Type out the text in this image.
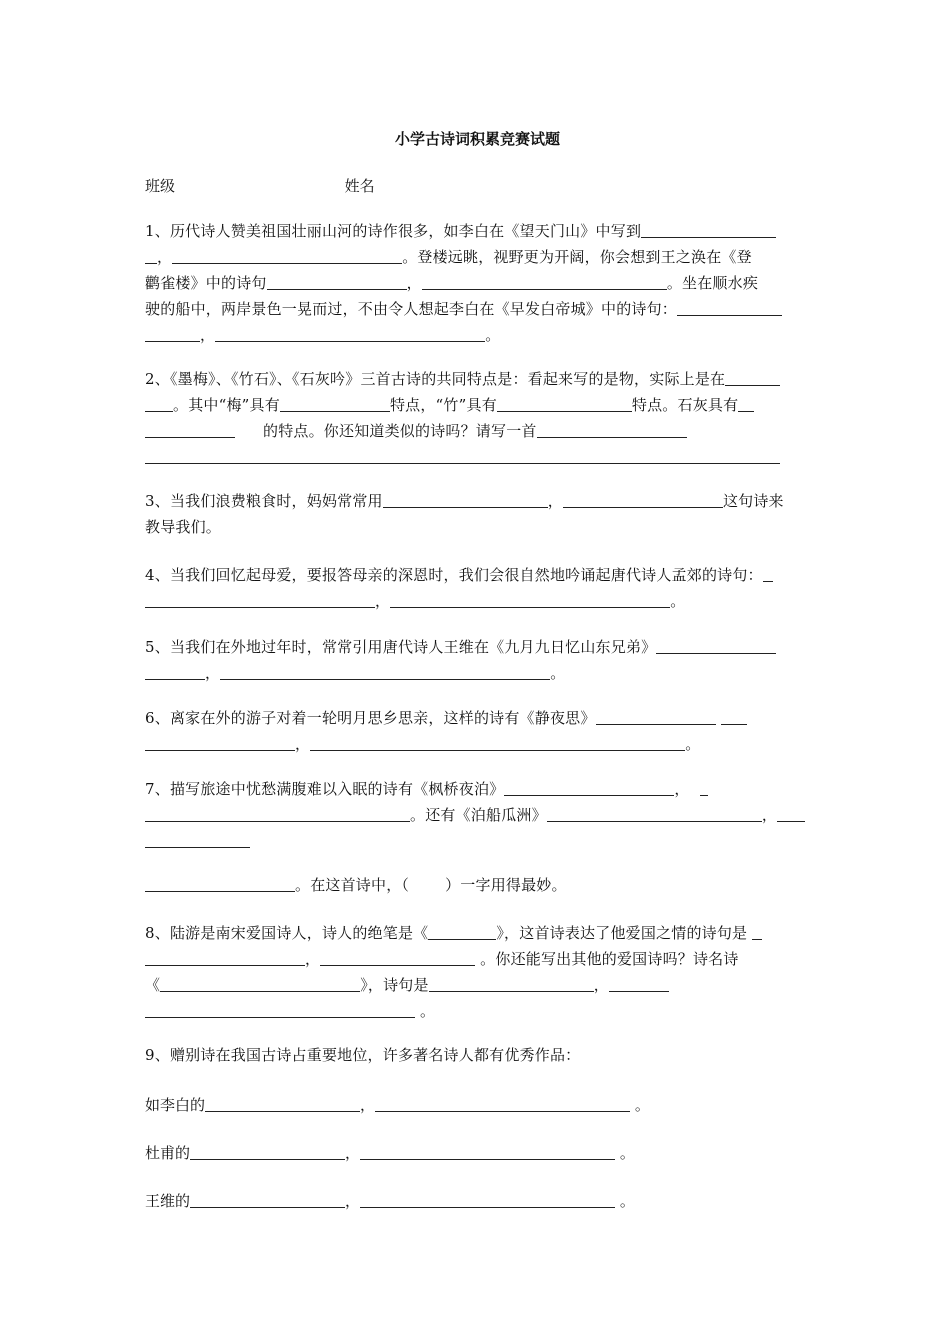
小学古诗词积累竞赛试题
班级	姓名
1、历代诗人赞美祖国壮丽山河的诗作很多，如李白在《望天门山》中写到
，	。登楼远眺，视野更为开阔，你会想到王之涣在《登
鹳雀楼》中的诗句	，	。坐在顺水疾
驶的船中，两岸景色一晃而过，不由令人想起李白在《早发白帝城》中的诗句：
，	。
2、《墨梅》、《竹石》、《石灰吟》三首古诗的共同特点是：看起来写的是物，实际上是在
。其中“梅”具有	特点，“竹”具有	特点。石灰具有
的特点。你还知道类似的诗吗？请写一首

3、当我们浪费粮食时，妈妈常常用	，	这句诗来
教导我们。
4、当我们回忆起母爱，要报答母亲的深恩时，我们会很自然地吟诵起唐代诗人孟郊的诗句：
，	。
5、当我们在外地过年时，常常引用唐代诗人王维在《九月九日忆山东兄弟》
，	。
6、离家在外的游子对着一轮明月思乡思亲，这样的诗有《静夜思》
，	。
7、描写旅途中忧愁满腹难以入眠的诗有《枫桥夜泊》	，
。还有《泊船瓜洲》	，

。在这首诗中，（ ）一字用得最妙。
8、陆游是南宋爱国诗人，诗人的绝笔是《	》，这首诗表达了他爱国之情的诗句是
，	。你还能写出其他的爱国诗吗？诗名诗
《	》，诗句是	，
。
9、赠别诗在我国古诗占重要地位，许多著名诗人都有优秀作品：
如李白的	，	。
杜甫的	，	。
王维的	，	。
